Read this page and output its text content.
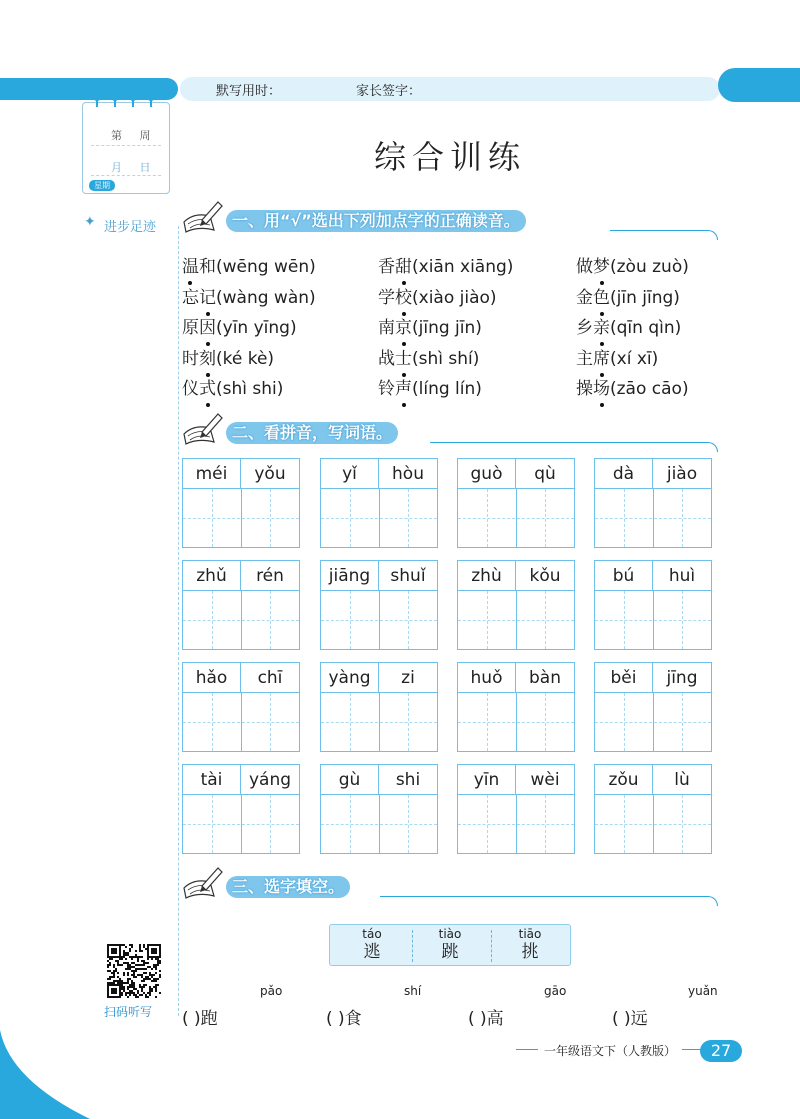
默写用时：	家长签字：
第 周
月 日
星期
✦ 进步足迹
综合训练
一、用“√”选出下列加点字的正确读音。
温和(wēng wēn)	香甜(xiān xiāng)	做梦(zòu zuò)
忘记(wàng wàn)	学校(xiào jiào)	金色(jīn jīng)
原因(yīn yīng)	南京(jīng jīn)	乡亲(qīn qìn)
时刻(ké kè)	战士(shì shí)	主席(xí xī)
仪式(shì shi)	铃声(líng lín)	操场(zāo cāo)
二、看拼音，写词语。
méi	yǒu	yǐ	hòu	guò	qù	dà	jiào
zhǔ	rén	jiāng	shuǐ	zhù	kǒu	bú	huì
hǎo	chī	yàng	zi	huǒ	bàn	běi	jīng
tài	yáng	gù	shi	yīn	wèi	zǒu	lù
三、选字填空。
táo
逃
tiào
跳
tiāo
挑
pǎo
( )跑
shí
( )食
gāo
( )高
yuǎn
( )远
扫码听写
一年级语文下（人教版）	27
